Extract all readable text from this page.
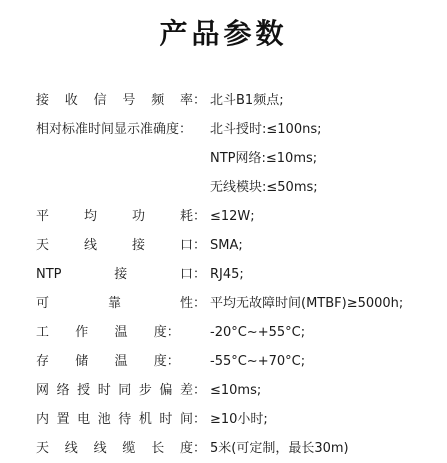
产品参数
接 收 信 号 频 率： 北斗B1频点;
相对标准时间显示准确度： 北斗授时:≤100ns;
NTP网络:≤10ms;
无线模块:≤50ms;
平	均	功	耗： ≤12W;
天	线	接	口： SMA;
NTP	接	口： RJ45;
可	靠	性： 平均无故障时间(MTBF)≥5000h;
工 作 温 度： -20°C~+55°C;
存 储 温 度： -55°C~+70°C;
网 络 授 时 同 步 偏 差： ≤10ms;
内 置 电 池 待 机 时 间： ≥10小时;
天 线 线 缆 长 度： 5米(可定制，最长30m)
